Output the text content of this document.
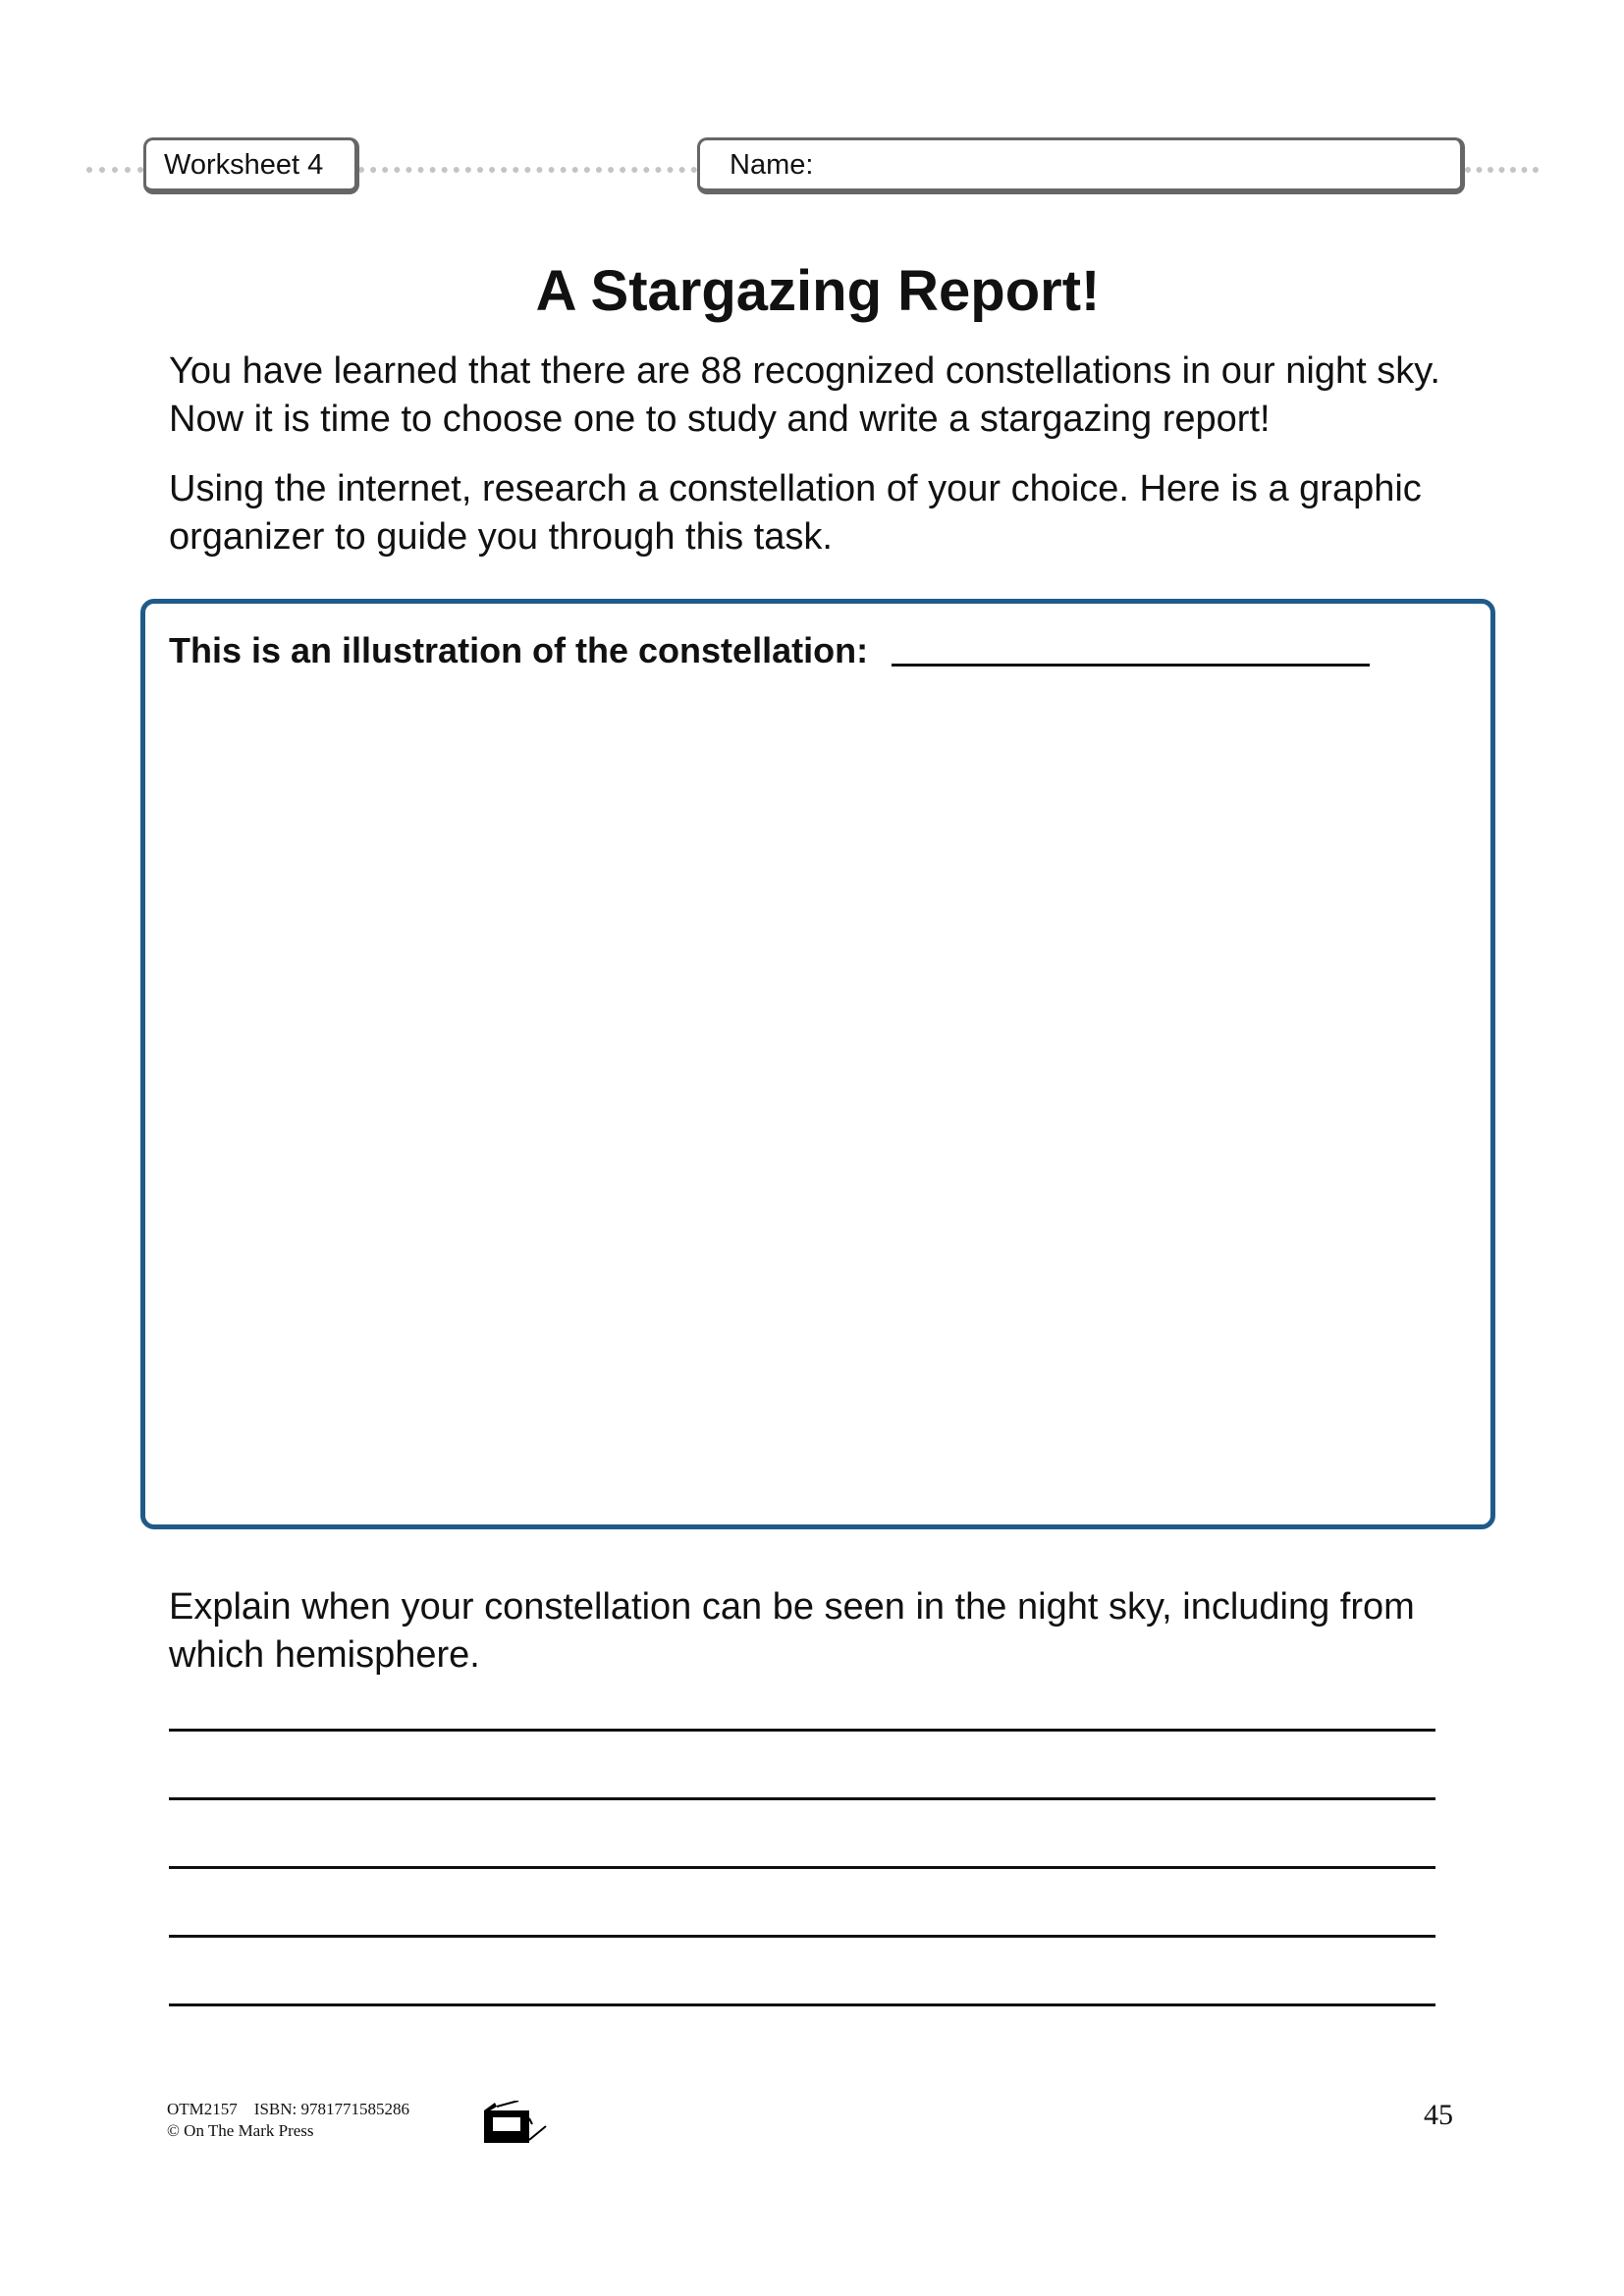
Worksheet 4	Name:
A Stargazing Report!
You have learned that there are 88 recognized constellations in our night sky. Now it is time to choose one to study and write a stargazing report!
Using the internet, research a constellation of your choice. Here is a graphic organizer to guide you through this task.
This is an illustration of the constellation:
Explain when your constellation can be seen in the night sky, including from which hemisphere.
OTM2157    ISBN: 9781771585286
© On The Mark Press	45
